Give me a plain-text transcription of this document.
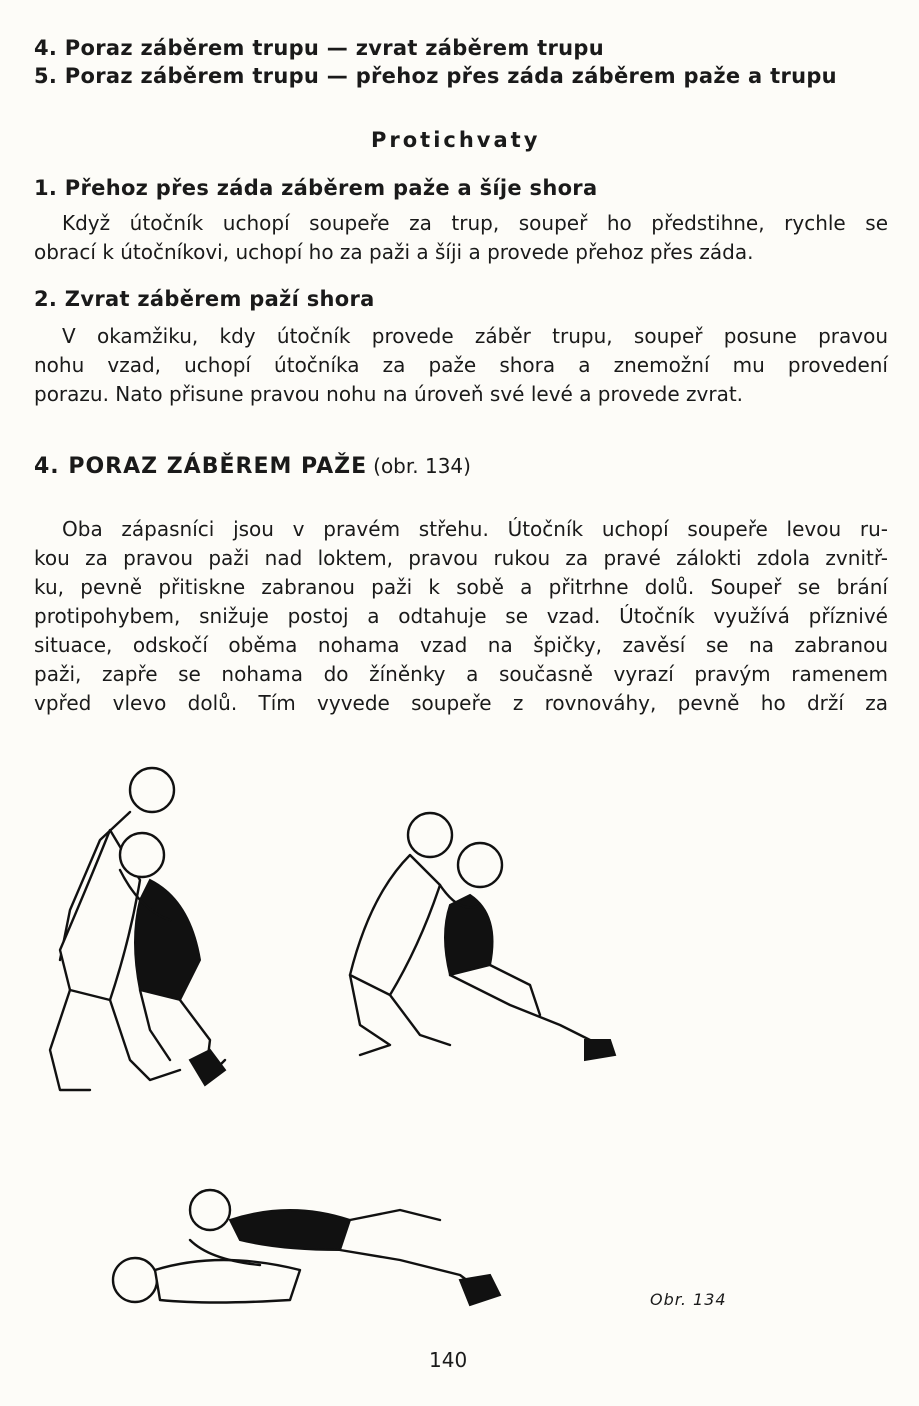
4. Poraz záběrem trupu — zvrat záběrem trupu
5. Poraz záběrem trupu — přehoz přes záda záběrem paže a trupu
Protichvaty
1. Přehoz přes záda záběrem paže a šíje shora
Když útočník uchopí soupeře za trup, soupeř ho předstihne, rychle se
obrací k útočníkovi, uchopí ho za paži a šíji a provede přehoz přes záda.
2. Zvrat záběrem paží shora
V okamžiku, kdy útočník provede záběr trupu, soupeř posune pravou
nohu vzad, uchopí útočníka za paže shora a znemožní mu provedení
porazu. Nato přisune pravou nohu na úroveň své levé a provede zvrat.
4. PORAZ ZÁBĚREM PAŽE (obr. 134)
Oba zápasníci jsou v pravém střehu. Útočník uchopí soupeře levou ru-
kou za pravou paži nad loktem, pravou rukou za pravé zálokti zdola zvnitř-
ku, pevně přitiskne zabranou paži k sobě a přitrhne dolů. Soupeř se brání
protipohybem, snižuje postoj a odtahuje se vzad. Útočník využívá příznivé
situace, odskočí oběma nohama vzad na špičky, zavěsí se na zabranou
paži, zapře se nohama do žíněnky a současně vyrazí pravým ramenem
vpřed vlevo dolů. Tím vyvede soupeře z rovnováhy, pevně ho drží za
Obr. 134
140
